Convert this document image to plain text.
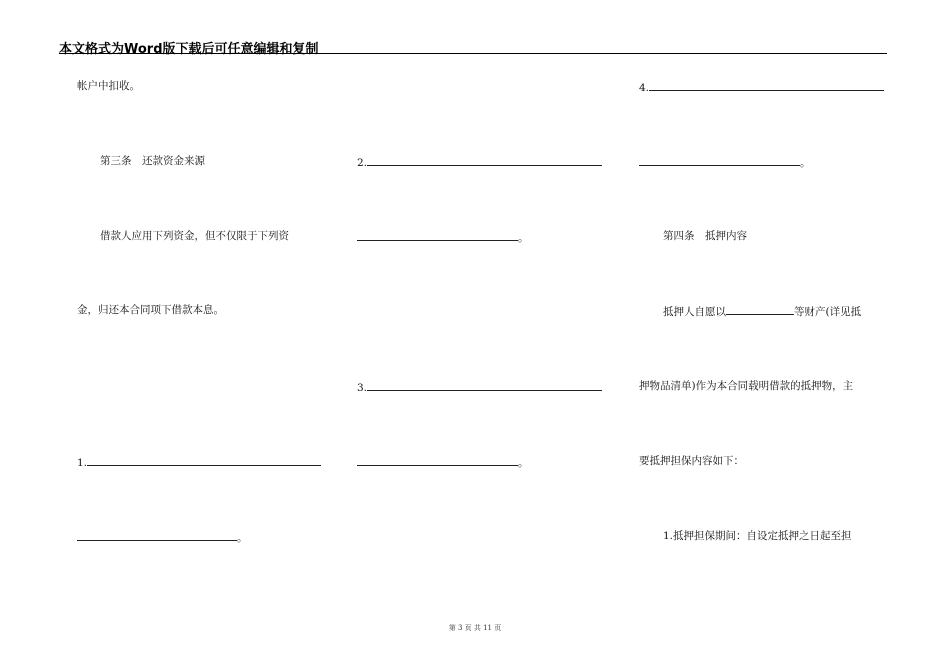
本文格式为Word版下载后可任意编辑和复制
帐户中扣收。
第三条　还款资金来源
借款人应用下列资金，但不仅限于下列资
金，归还本合同项下借款本息。
1.
。
2.
。
3.
。
4.
。
第四条　抵押内容
抵押人自愿以	等财产(详见抵
押物品清单)作为本合同载明借款的抵押物，主
要抵押担保内容如下：
1.抵押担保期间：自设定抵押之日起至担
第 3 页 共 11 页
